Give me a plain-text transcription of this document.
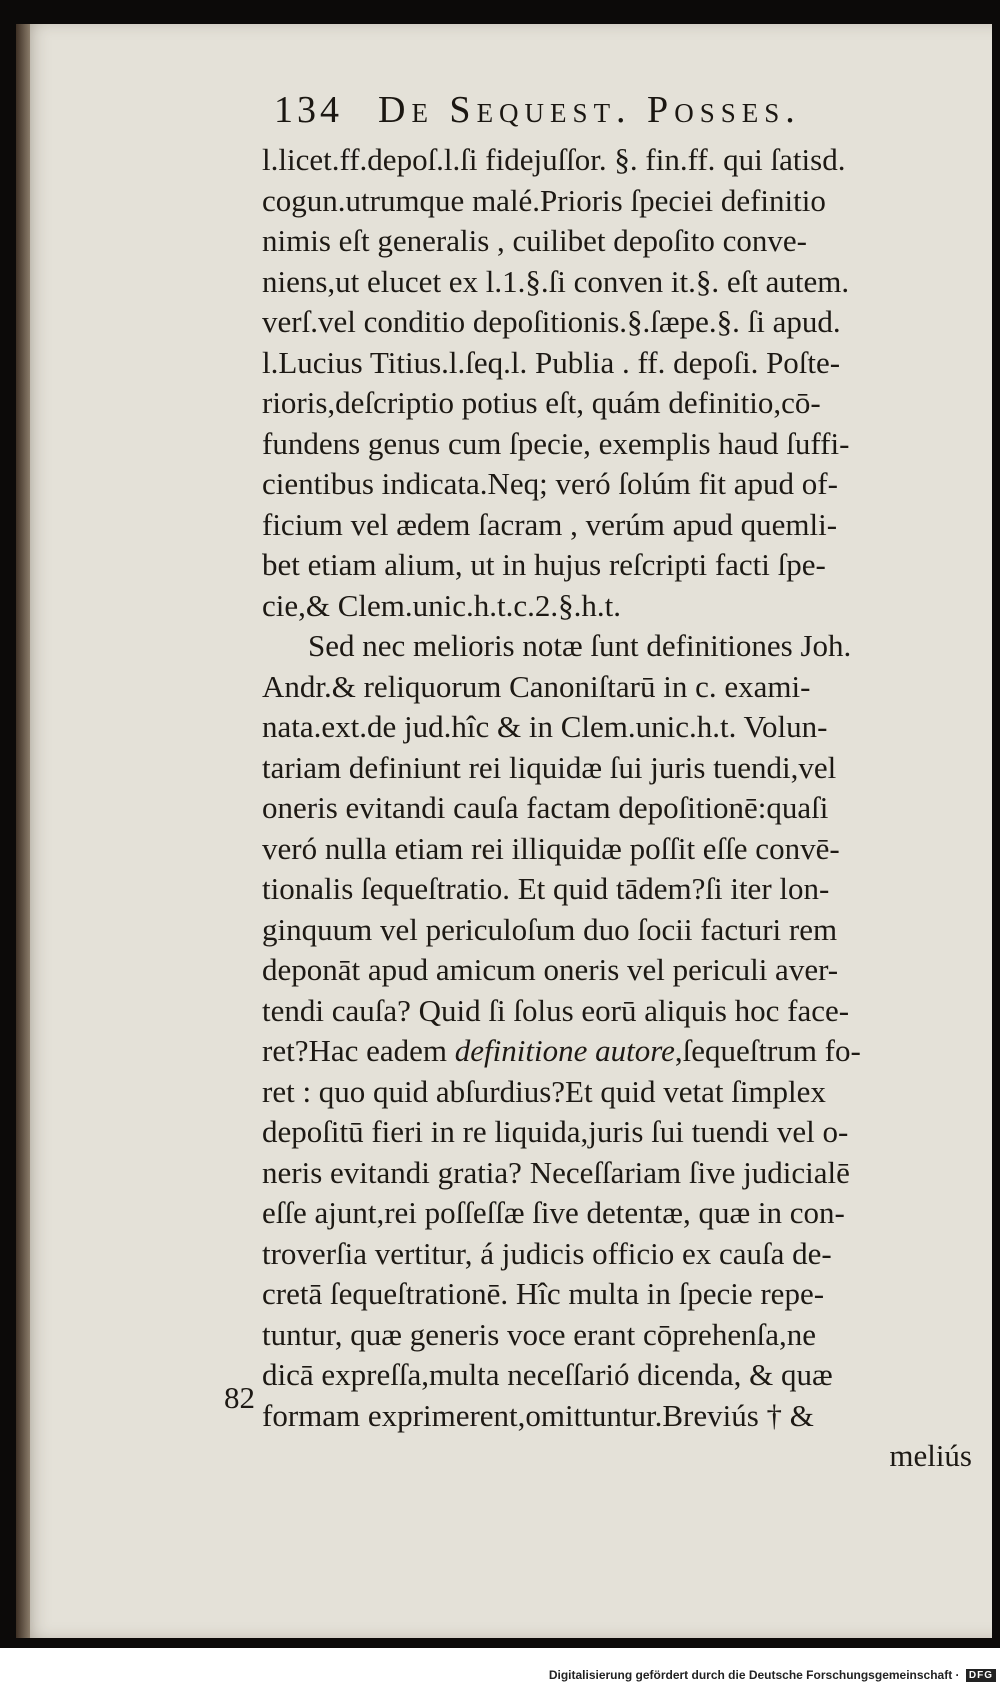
134 De Sequest. Posses.
l.licet.ff.depoſ.l.ſi fidejuſſor. §. fin.ff. qui ſatisd.
cogun.utrumque malé.Prioris ſpeciei definitio
nimis eſt generalis , cuilibet depoſito conve-
niens,ut elucet ex l.1.§.ſi conven it.§. eſt autem.
verſ.vel conditio depoſitionis.§.ſæpe.§. ſi apud.
l.Lucius Titius.l.ſeq.l. Publia . ff. depoſi. Poſte-
rioris,deſcriptio potius eſt, quám definitio,cō-
fundens genus cum ſpecie, exemplis haud ſuffi-
cientibus indicata.Neq; veró ſolúm fit apud of-
ficium vel ædem ſacram , verúm apud quemli-
bet etiam alium, ut in hujus reſcripti facti ſpe-
cie,& Clem.unic.h.t.c.2.§.h.t.
Sed nec melioris notæ ſunt definitiones Joh.
Andr.& reliquorum Canoniſtarū in c. exami-
nata.ext.de jud.hîc & in Clem.unic.h.t. Volun-
tariam definiunt rei liquidæ ſui juris tuendi,vel
oneris evitandi cauſa factam depoſitionē:quaſi
veró nulla etiam rei illiquidæ poſſit eſſe convē-
tionalis ſequeſtratio. Et quid tādem?ſi iter lon-
ginquum vel periculoſum duo ſocii facturi rem
deponāt apud amicum oneris vel periculi aver-
tendi cauſa? Quid ſi ſolus eorū aliquis hoc face-
ret?Hac eadem definitione autore,ſequeſtrum fo-
ret : quo quid abſurdius?Et quid vetat ſimplex
depoſitū fieri in re liquida,juris ſui tuendi vel o-
neris evitandi gratia? Neceſſariam ſive judicialē
eſſe ajunt,rei poſſeſſæ ſive detentæ, quæ in con-
troverſia vertitur, á judicis officio ex cauſa de-
cretā ſequeſtrationē. Hîc multa in ſpecie repe-
tuntur, quæ generis voce erant cōprehenſa,ne
dicā expreſſa,multa neceſſarió dicenda, & quæ
formam exprimerent,omittuntur.Breviús † &
meliús
82
Digitalisierung gefördert durch die Deutsche Forschungsgemeinschaft · DFG
